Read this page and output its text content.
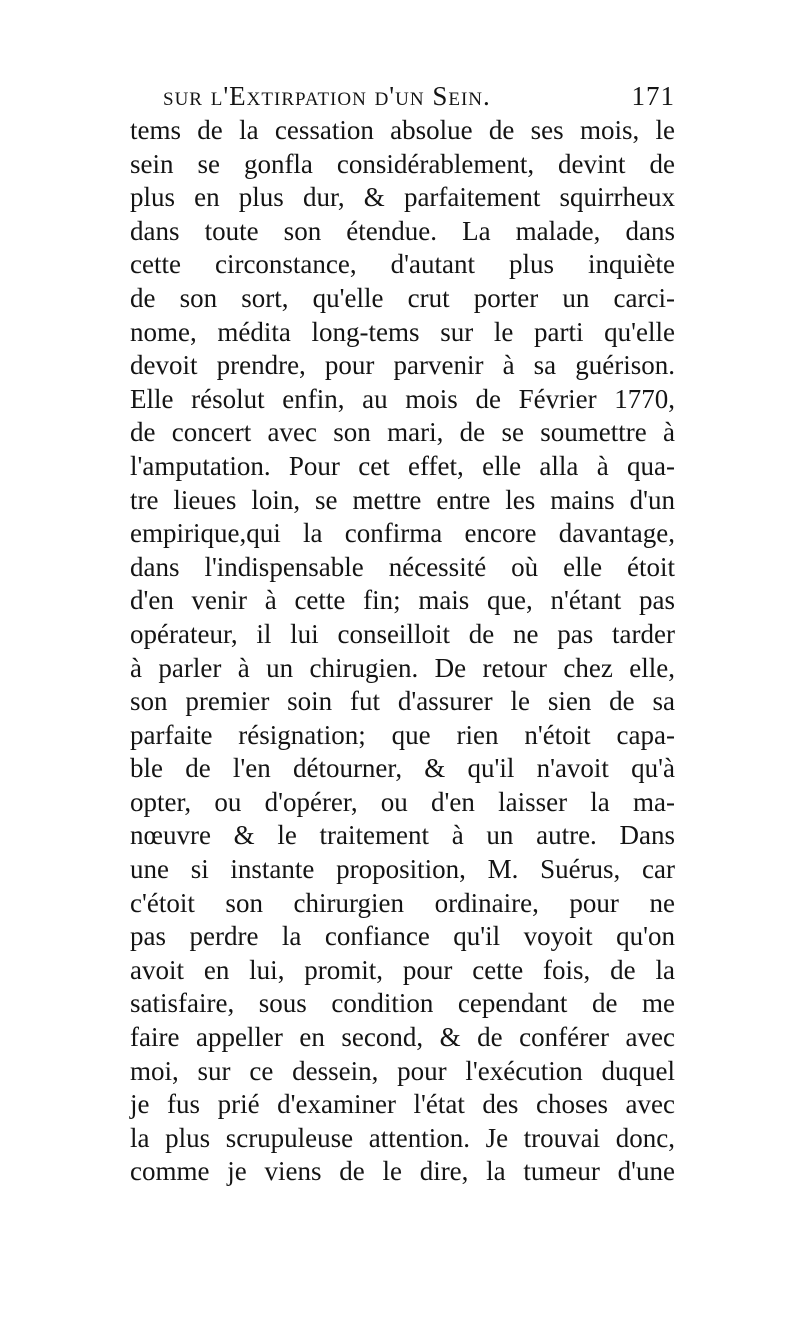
sur l'Extirpation d'un Sein.	171
tems de la cessation absolue de ses mois, le
sein se gonfla considérablement, devint de
plus en plus dur, & parfaitement squirrheux
dans toute son étendue. La malade, dans
cette circonstance, d'autant plus inquiète
de son sort, qu'elle crut porter un carci-
nome, médita long-tems sur le parti qu'elle
devoit prendre, pour parvenir à sa guérison.
Elle résolut enfin, au mois de Février 1770,
de concert avec son mari, de se soumettre à
l'amputation. Pour cet effet, elle alla à qua-
tre lieues loin, se mettre entre les mains d'un
empirique,qui la confirma encore davantage,
dans l'indispensable nécessité où elle étoit
d'en venir à cette fin; mais que, n'étant pas
opérateur, il lui conseilloit de ne pas tarder
à parler à un chirugien. De retour chez elle,
son premier soin fut d'assurer le sien de sa
parfaite résignation; que rien n'étoit capa-
ble de l'en détourner, & qu'il n'avoit qu'à
opter, ou d'opérer, ou d'en laisser la ma-
nœuvre & le traitement à un autre. Dans
une si instante proposition, M. Suérus, car
c'étoit son chirurgien ordinaire, pour ne
pas perdre la confiance qu'il voyoit qu'on
avoit en lui, promit, pour cette fois, de la
satisfaire, sous condition cependant de me
faire appeller en second, & de conférer avec
moi, sur ce dessein, pour l'exécution duquel
je fus prié d'examiner l'état des choses avec
la plus scrupuleuse attention. Je trouvai donc,
comme je viens de le dire, la tumeur d'une
